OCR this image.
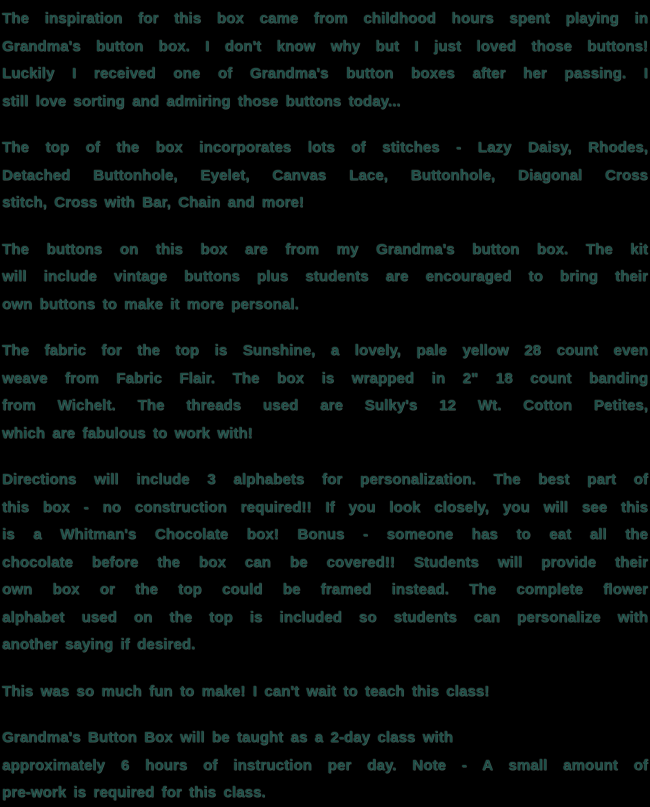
The inspiration for this box came from childhood hours spent playing in
Grandma's button box. I don't know why but I just loved those buttons!
Luckily I received one of Grandma's button boxes after her passing. I
still love sorting and admiring those buttons today...
The top of the box incorporates lots of stitches - Lazy Daisy, Rhodes,
Detached Buttonhole, Eyelet, Canvas Lace, Buttonhole, Diagonal Cross
stitch, Cross with Bar, Chain and more!
The buttons on this box are from my Grandma's button box. The kit
will include vintage buttons plus students are encouraged to bring their
own buttons to make it more personal.
The fabric for the top is Sunshine, a lovely, pale yellow 28 count even
weave from Fabric Flair. The box is wrapped in 2" 18 count banding
from Wichelt. The threads used are Sulky's 12 Wt. Cotton Petites,
which are fabulous to work with!
Directions will include 3 alphabets for personalization. The best part of
this box - no construction required!! If you look closely, you will see this
is a Whitman's Chocolate box! Bonus - someone has to eat all the
chocolate before the box can be covered!! Students will provide their
own box or the top could be framed instead. The complete flower
alphabet used on the top is included so students can personalize with
another saying if desired.
This was so much fun to make! I can't wait to teach this class!
Grandma's Button Box will be taught as a 2-day class with
approximately 6 hours of instruction per day. Note - A small amount of
pre-work is required for this class.
